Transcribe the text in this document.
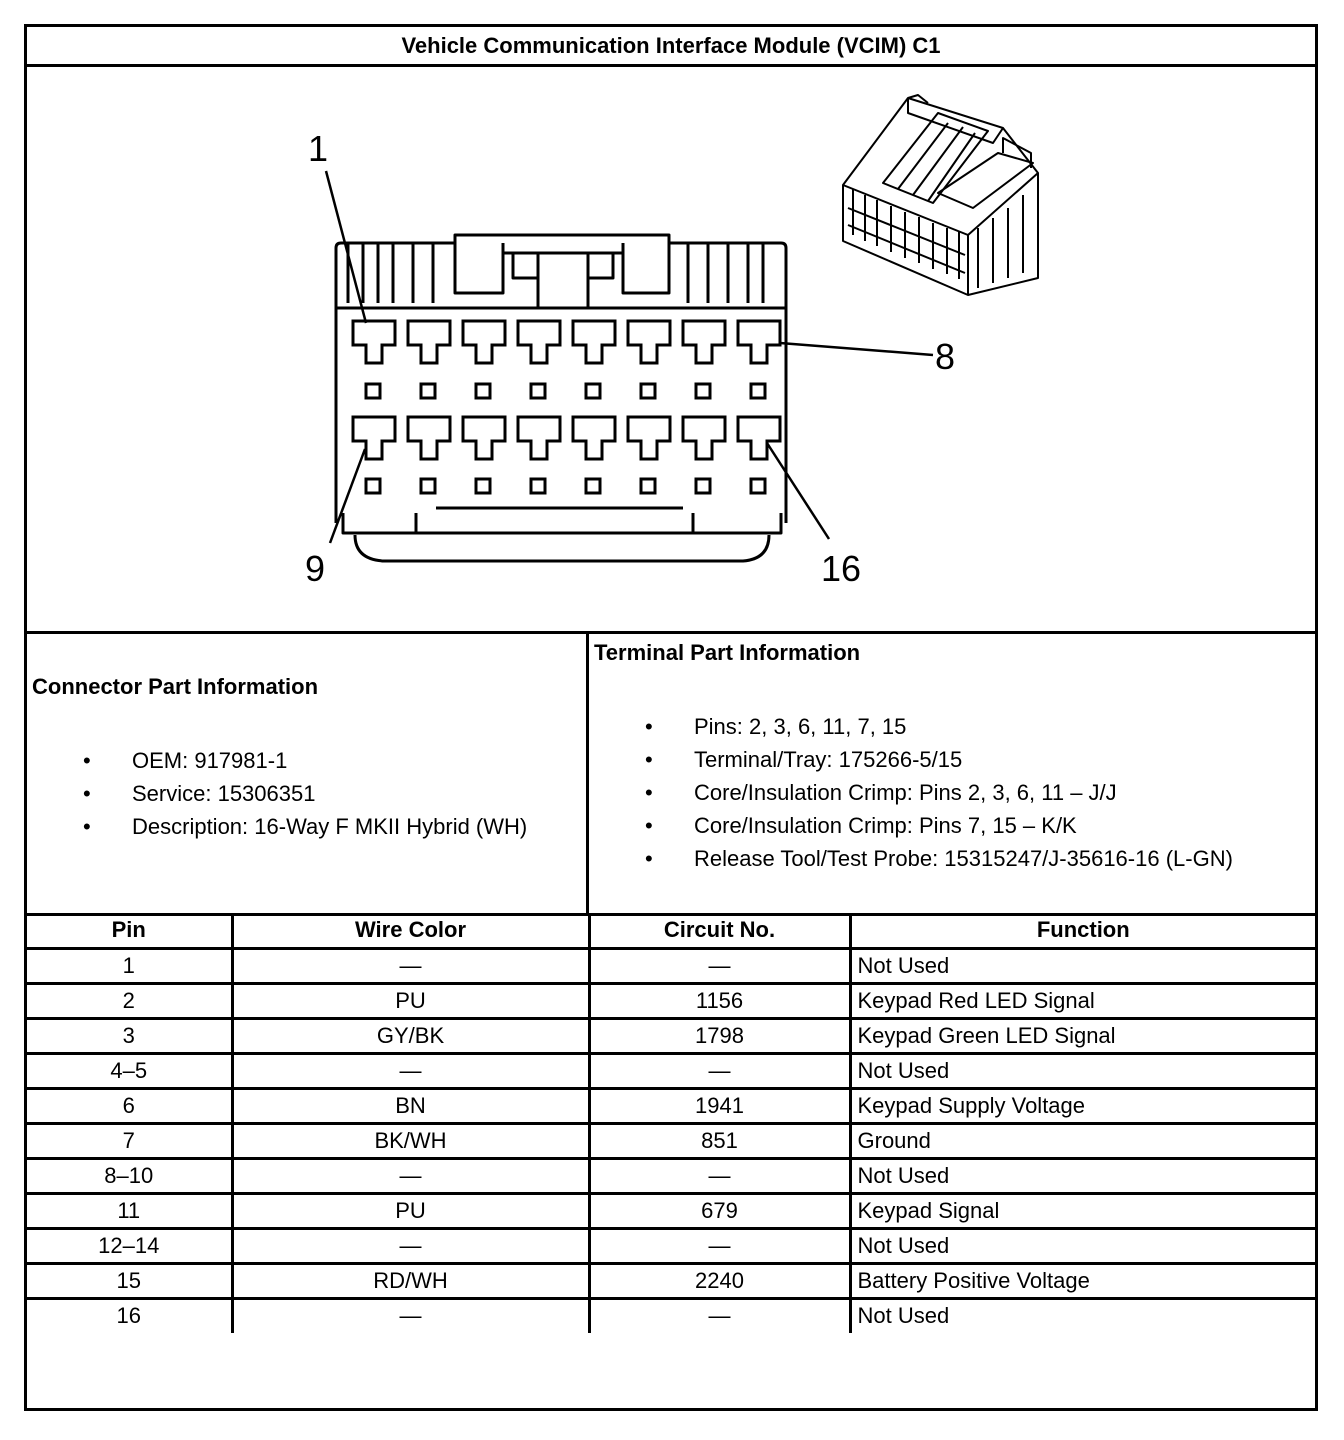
Vehicle Communication Interface Module (VCIM) C1
1
8
9	16
Connector Part Information
• OEM: 917981-1
• Service: 15306351
• Description: 16-Way F MKII Hybrid (WH)
Terminal Part Information
• Pins: 2, 3, 6, 11, 7, 15
• Terminal/Tray: 175266-5/15
• Core/Insulation Crimp: Pins 2, 3, 6, 11 – J/J
• Core/Insulation Crimp: Pins 7, 15 – K/K
• Release Tool/Test Probe: 15315247/J-35616-16 (L-GN)
Pin	Wire Color	Circuit No.	Function
1	—	—	Not Used
2	PU	1156	Keypad Red LED Signal
3	GY/BK	1798	Keypad Green LED Signal
4–5	—	—	Not Used
6	BN	1941	Keypad Supply Voltage
7	BK/WH	851	Ground
8–10	—	—	Not Used
11	PU	679	Keypad Signal
12–14	—	—	Not Used
15	RD/WH	2240	Battery Positive Voltage
16	—	—	Not Used
